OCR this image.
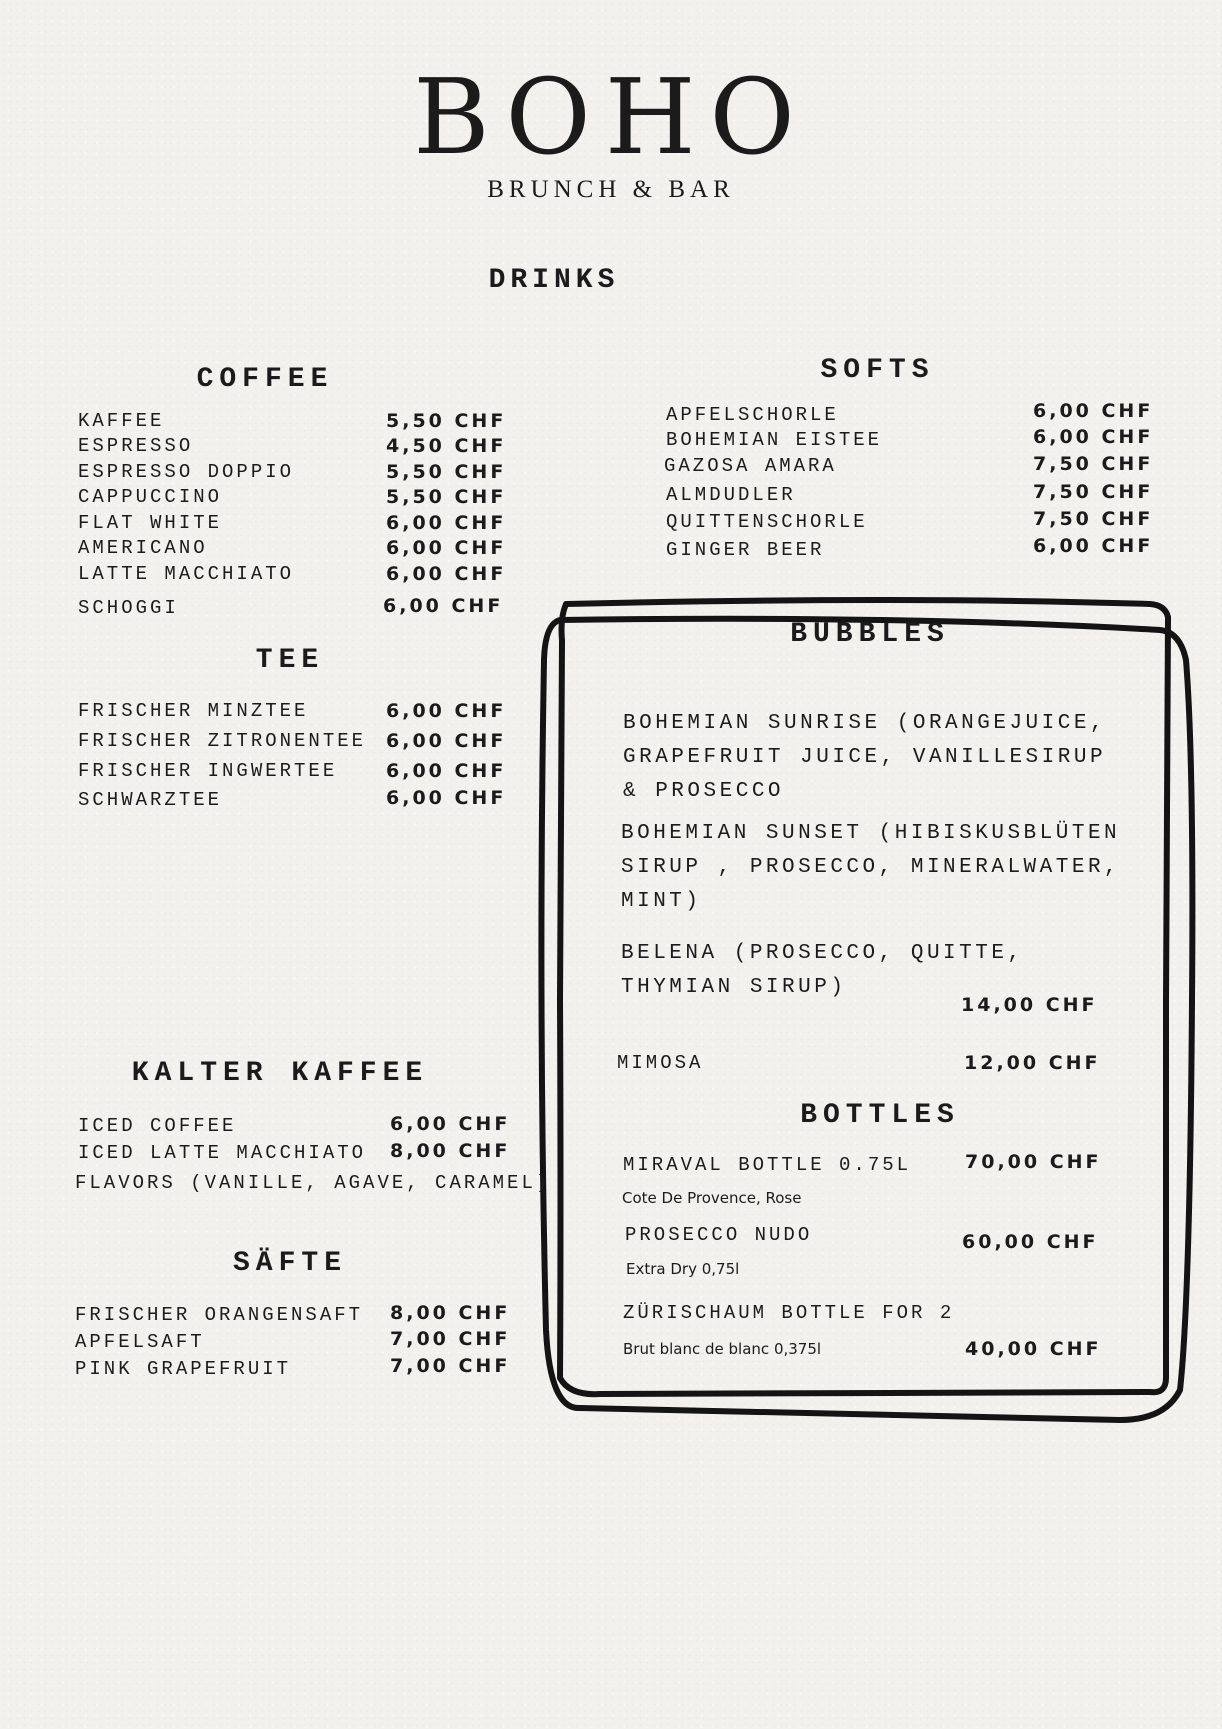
BOHO
BRUNCH & BAR
DRINKS
COFFEE
KAFFEE	5,50 CHF
ESPRESSO	4,50 CHF
ESPRESSO DOPPIO	5,50 CHF
CAPPUCCINO	5,50 CHF
FLAT WHITE	6,00 CHF
AMERICANO	6,00 CHF
LATTE MACCHIATO	6,00 CHF
SCHOGGI	6,00 CHF
TEE
FRISCHER MINZTEE	6,00 CHF
FRISCHER ZITRONENTEE 6,00 CHF
FRISCHER INGWERTEE	6,00 CHF
SCHWARZTEE	6,00 CHF
KALTER KAFFEE
ICED COFFEE	6,00 CHF
ICED LATTE MACCHIATO 8,00 CHF
FLAVORS (VANILLE, AGAVE, CARAMEL)
SÄFTE
FRISCHER ORANGENSAFT 8,00 CHF
APFELSAFT	7,00 CHF
PINK GRAPEFRUIT	7,00 CHF
SOFTS
APFELSCHORLE	6,00 CHF
BOHEMIAN EISTEE	6,00 CHF
GAZOSA AMARA	7,50 CHF
ALMDUDLER	7,50 CHF
QUITTENSCHORLE	7,50 CHF
GINGER BEER	6,00 CHF
BUBBLES
BOHEMIAN SUNRISE (ORANGEJUICE, GRAPEFRUIT JUICE, VANILLESIRUP & PROSECCO
BOHEMIAN SUNSET (HIBISKUSBLÜTEN SIRUP , PROSECCO, MINERALWATER, MINT)
BELENA (PROSECCO, QUITTE, THYMIAN SIRUP)
14,00 CHF
MIMOSA	12,00 CHF
BOTTLES
MIRAVAL BOTTLE 0.75L
Cote De Provence, Rose
70,00 CHF
PROSECCO NUDO
Extra Dry 0,75l
60,00 CHF
ZÜRISCHAUM BOTTLE FOR 2
Brut blanc de blanc 0,375l	40,00 CHF
